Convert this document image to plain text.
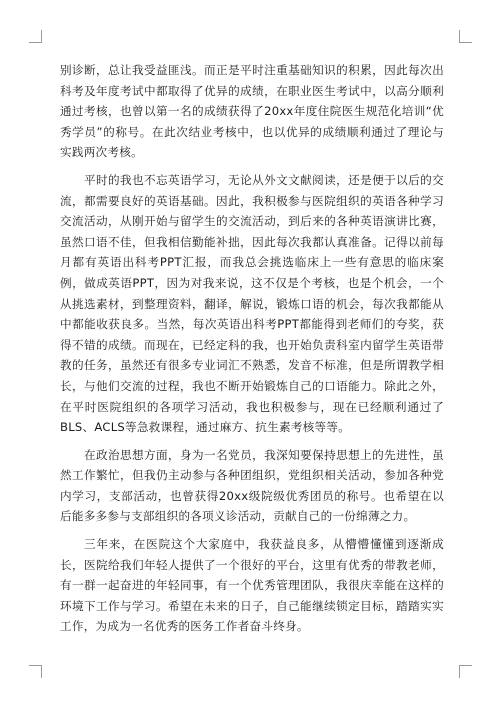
别诊断，总让我受益匪浅。而正是平时注重基础知识的积累，因此每次出科考及年度考试中都取得了优异的成绩，在职业医生考试中，以高分顺利通过考核，也曾以第一名的成绩获得了20xx年度住院医生规范化培训“优秀学员”的称号。在此次结业考核中，也以优异的成绩顺利通过了理论与实践两次考核。

平时的我也不忘英语学习，无论从外文文献阅读，还是便于以后的交流，都需要良好的英语基础。因此，我积极参与医院组织的英语各种学习交流活动，从刚开始与留学生的交流活动，到后来的各种英语演讲比赛，虽然口语不佳，但我相信勤能补拙，因此每次我都认真准备。记得以前每月都有英语出科考PPT汇报，而我总会挑选临床上一些有意思的临床案例，做成英语PPT，因为对我来说，这不仅是个考核，也是个机会，一个从挑选素材，到整理资料，翻译，解说，锻炼口语的机会，每次我都能从中都能收获良多。当然，每次英语出科考PPT都能得到老师们的夸奖，获得不错的成绩。而现在，已经定科的我，也开始负责科室内留学生英语带教的任务，虽然还有很多专业词汇不熟悉，发音不标准，但是所谓教学相长，与他们交流的过程，我也不断开始锻炼自己的口语能力。除此之外，在平时医院组织的各项学习活动，我也积极参与，现在已经顺利通过了BLS、ACLS等急救课程，通过麻方、抗生素考核等等。

在政治思想方面，身为一名党员，我深知要保持思想上的先进性，虽然工作繁忙，但我仍主动参与各种团组织，党组织相关活动，参加各种党内学习，支部活动，也曾获得20xx级院级优秀团员的称号。也希望在以后能多多参与支部组织的各项义诊活动，贡献自己的一份绵薄之力。

三年来，在医院这个大家庭中，我获益良多，从懵懵懂懂到逐渐成长，医院给我们年轻人提供了一个很好的平台，这里有优秀的带教老师，有一群一起奋进的年轻同事，有一个优秀管理团队，我很庆幸能在这样的环境下工作与学习。希望在未来的日子，自己能继续锁定目标，踏踏实实工作，为成为一名优秀的医务工作者奋斗终身。
